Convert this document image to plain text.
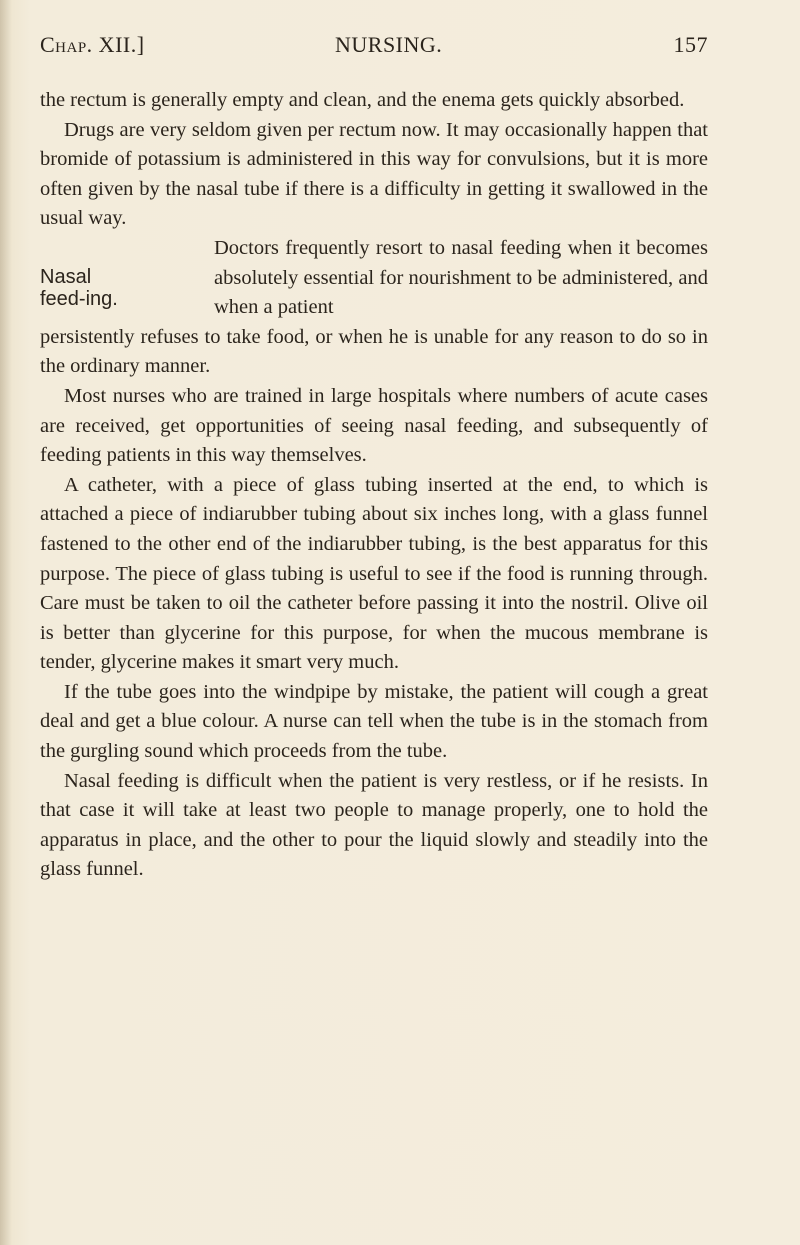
Chap. XII.]	NURSING.	157

the rectum is generally empty and clean, and the enema gets quickly absorbed.

Drugs are very seldom given per rectum now. It may occasionally happen that bromide of potassium is administered in this way for convulsions, but it is more often given by the nasal tube if there is a difficulty in getting it swallowed in the usual way.

Nasal feed-ing.

Doctors frequently resort to nasal feeding when it becomes absolutely essential for nourishment to be administered, and when a patient

persistently refuses to take food, or when he is unable for any reason to do so in the ordinary manner.

Most nurses who are trained in large hospitals where numbers of acute cases are received, get opportunities of seeing nasal feeding, and subsequently of feeding patients in this way themselves.

A catheter, with a piece of glass tubing inserted at the end, to which is attached a piece of indiarubber tubing about six inches long, with a glass funnel fastened to the other end of the indiarubber tubing, is the best apparatus for this purpose. The piece of glass tubing is useful to see if the food is running through. Care must be taken to oil the catheter before passing it into the nostril. Olive oil is better than glycerine for this purpose, for when the mucous membrane is tender, glycerine makes it smart very much.

If the tube goes into the windpipe by mistake, the patient will cough a great deal and get a blue colour. A nurse can tell when the tube is in the stomach from the gurgling sound which proceeds from the tube.

Nasal feeding is difficult when the patient is very restless, or if he resists. In that case it will take at least two people to manage properly, one to hold the apparatus in place, and the other to pour the liquid slowly and steadily into the glass funnel.
